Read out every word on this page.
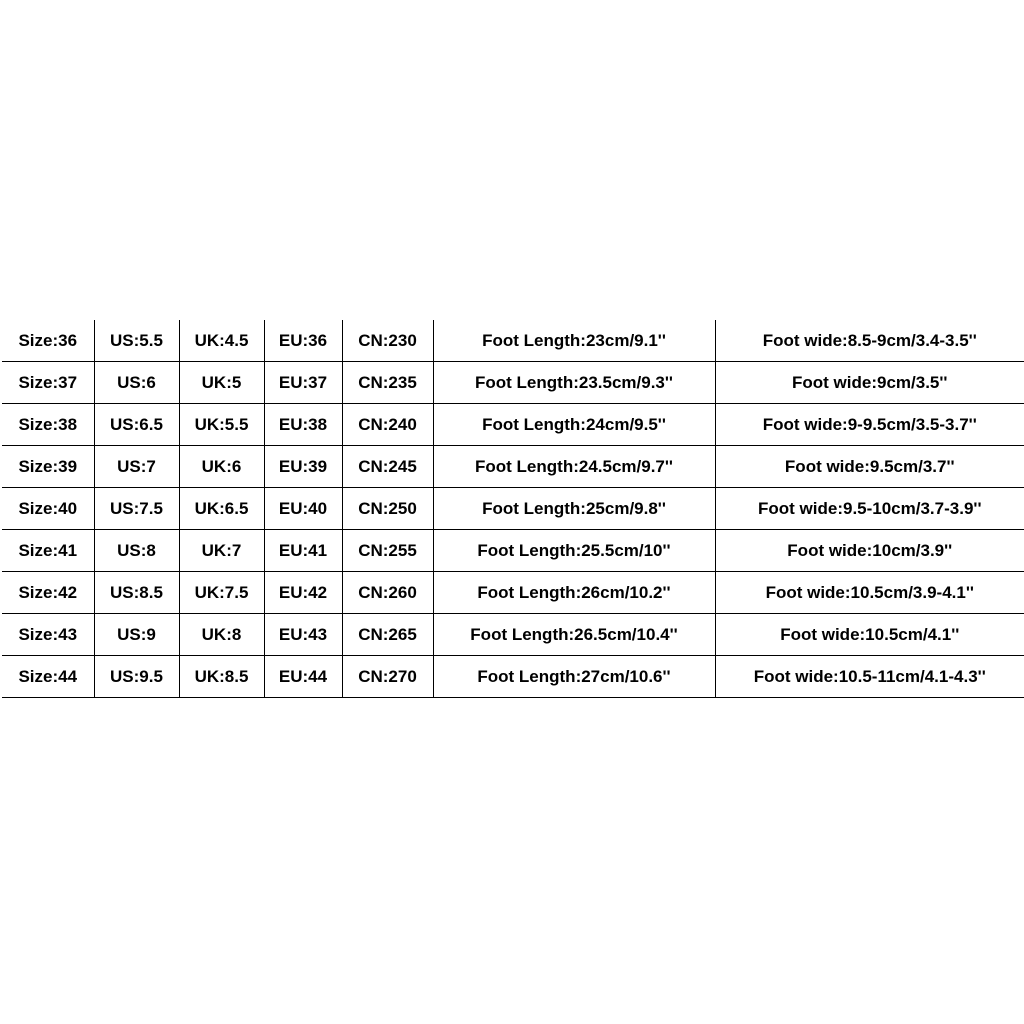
Size:36	US:5.5	UK:4.5	EU:36	CN:230	Foot Length:23cm/9.1''	Foot wide:8.5-9cm/3.4-3.5''
Size:37	US:6	UK:5	EU:37	CN:235	Foot Length:23.5cm/9.3''	Foot wide:9cm/3.5''
Size:38	US:6.5	UK:5.5	EU:38	CN:240	Foot Length:24cm/9.5''	Foot wide:9-9.5cm/3.5-3.7''
Size:39	US:7	UK:6	EU:39	CN:245	Foot Length:24.5cm/9.7''	Foot wide:9.5cm/3.7''
Size:40	US:7.5	UK:6.5	EU:40	CN:250	Foot Length:25cm/9.8''	Foot wide:9.5-10cm/3.7-3.9''
Size:41	US:8	UK:7	EU:41	CN:255	Foot Length:25.5cm/10''	Foot wide:10cm/3.9''
Size:42	US:8.5	UK:7.5	EU:42	CN:260	Foot Length:26cm/10.2''	Foot wide:10.5cm/3.9-4.1''
Size:43	US:9	UK:8	EU:43	CN:265	Foot Length:26.5cm/10.4''	Foot wide:10.5cm/4.1''
Size:44	US:9.5	UK:8.5	EU:44	CN:270	Foot Length:27cm/10.6''	Foot wide:10.5-11cm/4.1-4.3''
